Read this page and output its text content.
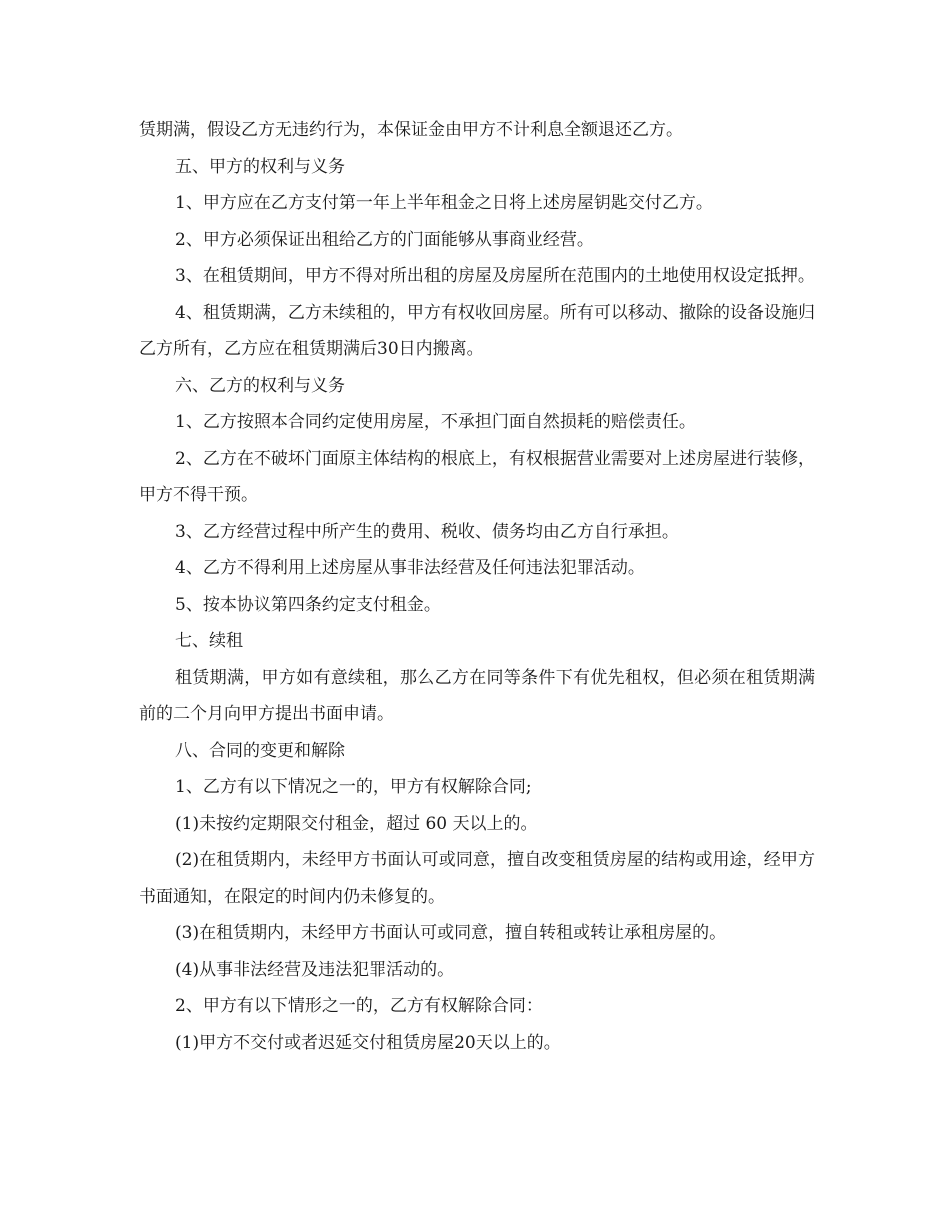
赁期满，假设乙方无违约行为，本保证金由甲方不计利息全额退还乙方。

五、甲方的权利与义务

1、甲方应在乙方支付第一年上半年租金之日将上述房屋钥匙交付乙方。

2、甲方必须保证出租给乙方的门面能够从事商业经营。

3、在租赁期间，甲方不得对所出租的房屋及房屋所在范围内的土地使用权设定抵押。

4、租赁期满，乙方未续租的，甲方有权收回房屋。所有可以移动、撤除的设备设施归乙方所有，乙方应在租赁期满后30日内搬离。

六、乙方的权利与义务

1、乙方按照本合同约定使用房屋，不承担门面自然损耗的赔偿责任。

2、乙方在不破坏门面原主体结构的根底上，有权根据营业需要对上述房屋进行装修，甲方不得干预。

3、乙方经营过程中所产生的费用、税收、债务均由乙方自行承担。

4、乙方不得利用上述房屋从事非法经营及任何违法犯罪活动。

5、按本协议第四条约定支付租金。

七、续租

租赁期满，甲方如有意续租，那么乙方在同等条件下有优先租权，但必须在租赁期满前的二个月向甲方提出书面申请。

八、合同的变更和解除

1、乙方有以下情况之一的，甲方有权解除合同;

(1)未按约定期限交付租金，超过 60 天以上的。

(2)在租赁期内，未经甲方书面认可或同意，擅自改变租赁房屋的结构或用途，经甲方书面通知，在限定的时间内仍未修复的。

(3)在租赁期内，未经甲方书面认可或同意，擅自转租或转让承租房屋的。

(4)从事非法经营及违法犯罪活动的。

2、甲方有以下情形之一的，乙方有权解除合同：

(1)甲方不交付或者迟延交付租赁房屋20天以上的。
